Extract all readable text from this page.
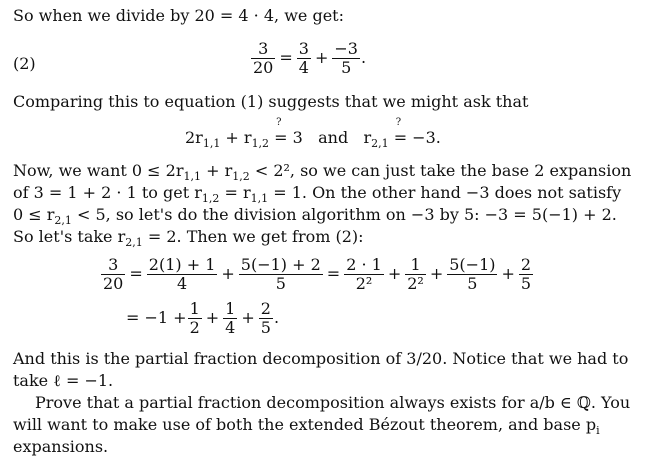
So when we divide by 20 = 4 · 4, we get:
(2)	$\frac{3}{20} = \frac{3}{4} + \frac{-3}{5}$ .
Comparing this to equation (1) suggests that we might ask that
$2r_{1,1} + r_{1,2}$ =
?
3   and   $r_{2,1}$ =
?
−3.
Now, we want $0 \le 2r_{1,1} + r_{1,2} < 2^2$, so we can just take the base 2 expansion
of 3 = 1 + 2 · 1 to get $r_{1,2} = r_{1,1} = 1$. On the other hand −3 does not satisfy
$0 \le r_{2,1} < 5$, so let's do the division algorithm on −3 by 5: −3 = 5(−1) + 2.
So let's take $r_{2,1} = 2$. Then we get from (2):
$\frac{3}{20} = \frac{2(1) + 1}{4} + \frac{5(-1) + 2}{5} = \frac{2 \cdot 1}{\text{2²}} + \frac{1}{\text{2²}} + \frac{5(-1)}{5} + \frac{2}{5}$
= $-1 + \frac{1}{2} + \frac{1}{4} + \frac{2}{5}$ .
And this is the partial fraction decomposition of 3/20. Notice that we had to
take ℓ = −1.
Prove that a partial fraction decomposition always exists for a/b ∈ ℚ. You
will want to make use of both the extended Bézout theorem, and base $p_i$
expansions.
